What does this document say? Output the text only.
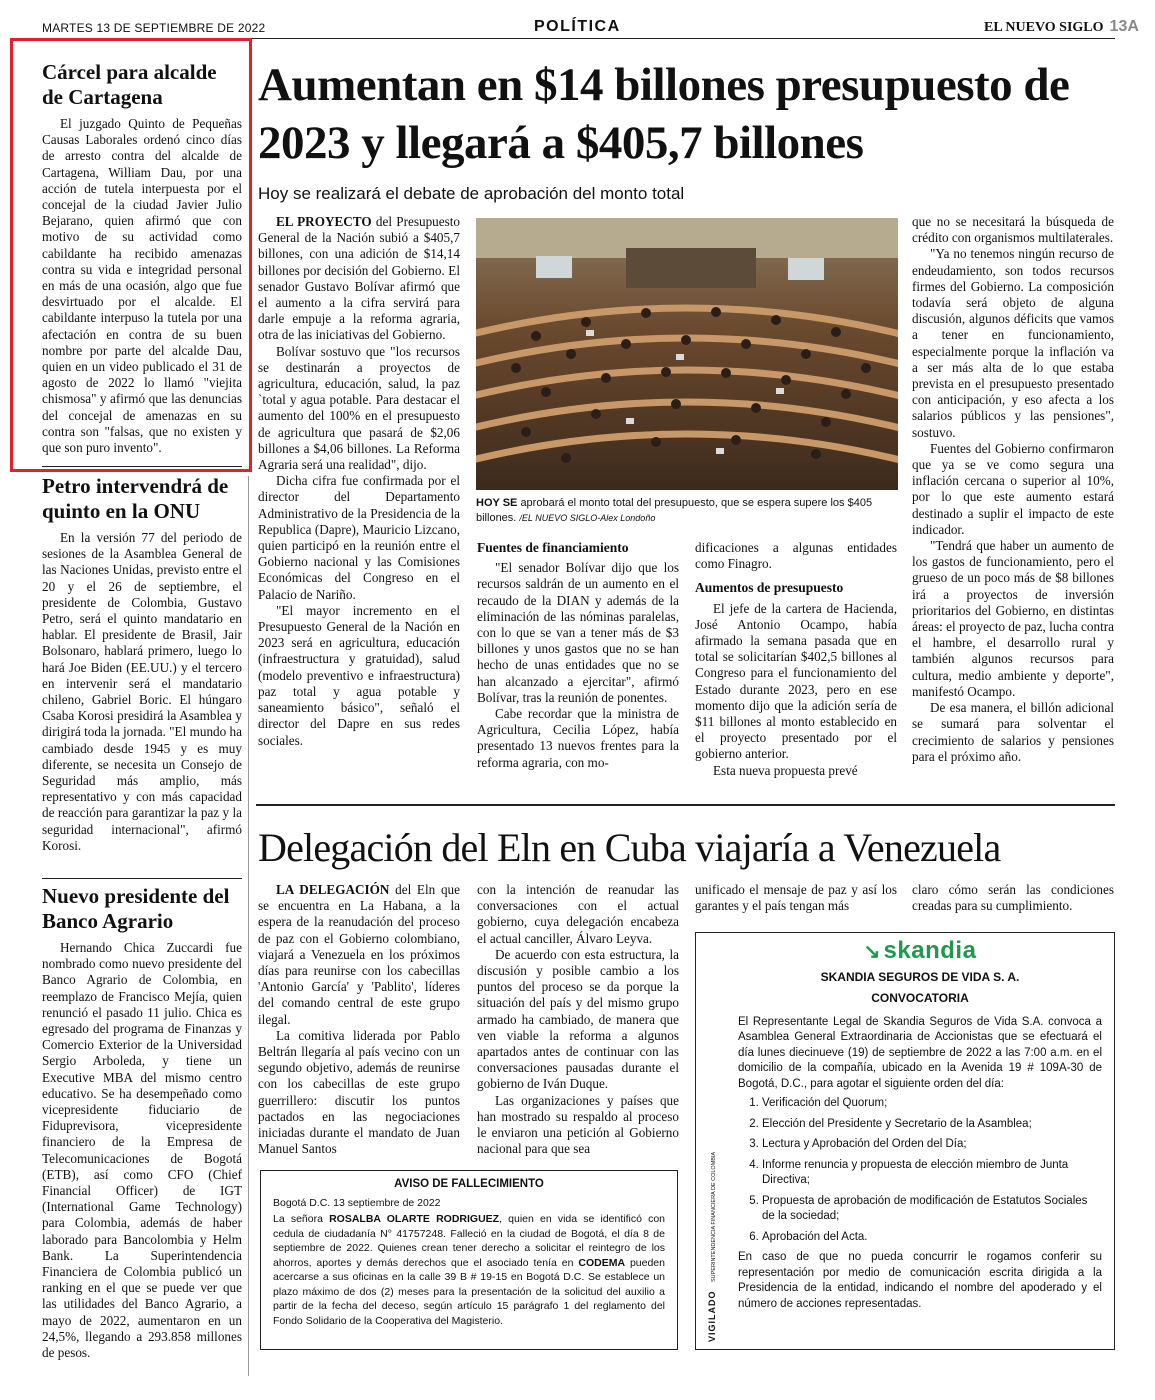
MARTES 13 DE SEPTIEMBRE DE 2022	POLÍTICA	EL NUEVO SIGLO 13A
Cárcel para alcalde de Cartagena

El juzgado Quinto de Pequeñas Causas Laborales ordenó cinco días de arresto contra del alcalde de Cartagena, William Dau, por una acción de tutela interpuesta por el concejal de la ciudad Javier Julio Bejarano, quien afirmó que con motivo de su actividad como cabildante ha recibido amenazas contra su vida e integridad personal en más de una ocasión, algo que fue desvirtuado por el alcalde. El cabildante interpuso la tutela por una afectación en contra de su buen nombre por parte del alcalde Dau, quien en un video publicado el 31 de agosto de 2022 lo llamó "viejita chismosa" y afirmó que las denuncias del concejal de amenazas en su contra son "falsas, que no existen y que son puro invento".

Petro intervendrá de quinto en la ONU

En la versión 77 del periodo de sesiones de la Asamblea General de las Naciones Unidas, previsto entre el 20 y el 26 de septiembre, el presidente de Colombia, Gustavo Petro, será el quinto mandatario en hablar. El presidente de Brasil, Jair Bolsonaro, hablará primero, luego lo hará Joe Biden (EE.UU.) y el tercero en intervenir será el mandatario chileno, Gabriel Boric. El húngaro Csaba Korosi presidirá la Asamblea y dirigirá toda la jornada. "El mundo ha cambiado desde 1945 y es muy diferente, se necesita un Consejo de Seguridad más amplio, más representativo y con más capacidad de reacción para garantizar la paz y la seguridad internacional", afirmó Korosi.

Nuevo presidente del Banco Agrario

Hernando Chica Zuccardi fue nombrado como nuevo presidente del Banco Agrario de Colombia, en reemplazo de Francisco Mejía, quien renunció el pasado 11 julio. Chica es egresado del programa de Finanzas y Comercio Exterior de la Universidad Sergio Arboleda, y tiene un Executive MBA del mismo centro educativo. Se ha desempeñado como vicepresidente fiduciario de Fiduprevisora, vicepresidente financiero de la Empresa de Telecomunicaciones de Bogotá (ETB), así como CFO (Chief Financial Officer) de IGT (International Game Technology) para Colombia, además de haber laborado para Bancolombia y Helm Bank. La Superintendencia Financiera de Colombia publicó un ranking en el que se puede ver que las utilidades del Banco Agrario, a mayo de 2022, aumentaron en un 24,5%, llegando a 293.858 millones de pesos.

Aumentan en $14 billones presupuesto de 2023 y llegará a $405,7 billones
Hoy se realizará el debate de aprobación del monto total

EL PROYECTO del Presupuesto General de la Nación subió a $405,7 billones, con una adición de $14,14 billones por decisión del Gobierno. El senador Gustavo Bolívar afirmó que el aumento a la cifra servirá para darle empuje a la reforma agraria, otra de las iniciativas del Gobierno.

Bolívar sostuvo que "los recursos se destinarán a proyectos de agricultura, educación, salud, la paz `total y agua potable. Para destacar el aumento del 100% en el presupuesto de agricultura que pasará de $2,06 billones a $4,06 billones. La Reforma Agraria será una realidad", dijo.

Dicha cifra fue confirmada por el director del Departamento Administrativo de la Presidencia de la Republica (Dapre), Mauricio Lizcano, quien participó en la reunión entre el Gobierno nacional y las Comisiones Económicas del Congreso en el Palacio de Nariño.

"El mayor incremento en el Presupuesto General de la Nación en 2023 será en agricultura, educación (infraestructura y gratuidad), salud (modelo preventivo e infraestructura) paz total y agua potable y saneamiento básico", señaló el director del Dapre en sus redes sociales.

HOY SE aprobará el monto total del presupuesto, que se espera supere los $405 billones. /EL NUEVO SIGLO-Alex Londoño
Fuentes de financiamiento

"El senador Bolívar dijo que los recursos saldrán de un aumento en el recaudo de la DIAN y además de la eliminación de las nóminas paralelas, con lo que se van a tener más de $3 billones y unos gastos que no se han hecho de unas entidades que no se han alcanzado a ejercitar", afirmó Bolívar, tras la reunión de ponentes.

Cabe recordar que la ministra de Agricultura, Cecilia López, había presentado 13 nuevos frentes para la reforma agraria, con mo-

dificaciones a algunas entidades como Finagro.

Aumentos de presupuesto

El jefe de la cartera de Hacienda, José Antonio Ocampo, había afirmado la semana pasada que en total se solicitarían $402,5 billones al Congreso para el funcionamiento del Estado durante 2023, pero en ese momento dijo que la adición sería de $11 billones al monto establecido en el proyecto presentado por el gobierno anterior.

Esta nueva propuesta prevé

que no se necesitará la búsqueda de crédito con organismos multilaterales.

"Ya no tenemos ningún recurso de endeudamiento, son todos recursos firmes del Gobierno. La composición todavía será objeto de alguna discusión, algunos déficits que vamos a tener en funcionamiento, especialmente porque la inflación va a ser más alta de lo que estaba prevista en el presupuesto presentado con anticipación, y eso afecta a los salarios públicos y las pensiones", sostuvo.

Fuentes del Gobierno confirmaron que ya se ve como segura una inflación cercana o superior al 10%, por lo que este aumento estará destinado a suplir el impacto de este indicador.

"Tendrá que haber un aumento de los gastos de funcionamiento, pero el grueso de un poco más de $8 billones irá a proyectos de inversión prioritarios del Gobierno, en distintas áreas: el proyecto de paz, lucha contra el hambre, el desarrollo rural y también algunos recursos para cultura, medio ambiente y deporte", manifestó Ocampo.

De esa manera, el billón adicional se sumará para solventar el crecimiento de salarios y pensiones para el próximo año.

Delegación del Eln en Cuba viajaría a Venezuela

LA DELEGACIÓN del Eln que se encuentra en La Habana, a la espera de la reanudación del proceso de paz con el Gobierno colombiano, viajará a Venezuela en los próximos días para reunirse con los cabecillas 'Antonio García' y 'Pablito', líderes del comando central de este grupo ilegal.

La comitiva liderada por Pablo Beltrán llegaría al país vecino con un segundo objetivo, además de reunirse con los cabecillas de este grupo guerrillero: discutir los puntos pactados en las negociaciones iniciadas durante el mandato de Juan Manuel Santos

con la intención de reanudar las conversaciones con el actual gobierno, cuya delegación encabeza el actual canciller, Álvaro Leyva.

De acuerdo con esta estructura, la discusión y posible cambio a los puntos del proceso se da porque la situación del país y del mismo grupo armado ha cambiado, de manera que ven viable la reforma a algunos apartados antes de continuar con las conversaciones pausadas durante el gobierno de Iván Duque.

Las organizaciones y países que han mostrado su respaldo al proceso le enviaron una petición al Gobierno nacional para que sea

unificado el mensaje de paz y así los garantes y el país tengan más

claro cómo serán las condiciones creadas para su cumplimiento.

AVISO DE FALLECIMIENTO
Bogotá D.C. 13 septiembre de 2022
La señora ROSALBA OLARTE RODRIGUEZ, quien en vida se identificó con cedula de ciudadanía N° 41757248. Falleció en la ciudad de Bogotá, el día 8 de septiembre de 2022. Quienes crean tener derecho a solicitar el reintegro de los ahorros, aportes y demás derechos que el asociado tenía en CODEMA pueden acercarse a sus oficinas en la calle 39 B # 19-15 en Bogotá D.C. Se establece un plazo máximo de dos (2) meses para la presentación de la solicitud del auxilio a partir de la fecha del deceso, según artículo 15 parágrafo 1 del reglamento del Fondo Solidario de la Cooperativa del Magisterio.
↘ skandia
SKANDIA SEGUROS DE VIDA S. A.
CONVOCATORIA
El Representante Legal de Skandia Seguros de Vida S.A. convoca a Asamblea General Extraordinaria de Accionistas que se efectuará el día lunes diecinueve (19) de septiembre de 2022 a las 7:00 a.m. en el domicilio de la compañía, ubicado en la Avenida 19 # 109A-30 de Bogotá, D.C., para agotar el siguiente orden del día:
1. Verificación del Quorum;
2. Elección del Presidente y Secretario de la Asamblea;
3. Lectura y Aprobación del Orden del Día;
4. Informe renuncia y propuesta de elección miembro de Junta Directiva;
5. Propuesta de aprobación de modificación de Estatutos Sociales de la sociedad;
6. Aprobación del Acta.
En caso de que no pueda concurrir le rogamos conferir su representación por medio de comunicación escrita dirigida a la Presidencia de la entidad, indicando el nombre del apoderado y el número de acciones representadas.
VIGILADO SUPERINTENDENCIA FINANCIERA DE COLOMBIA
